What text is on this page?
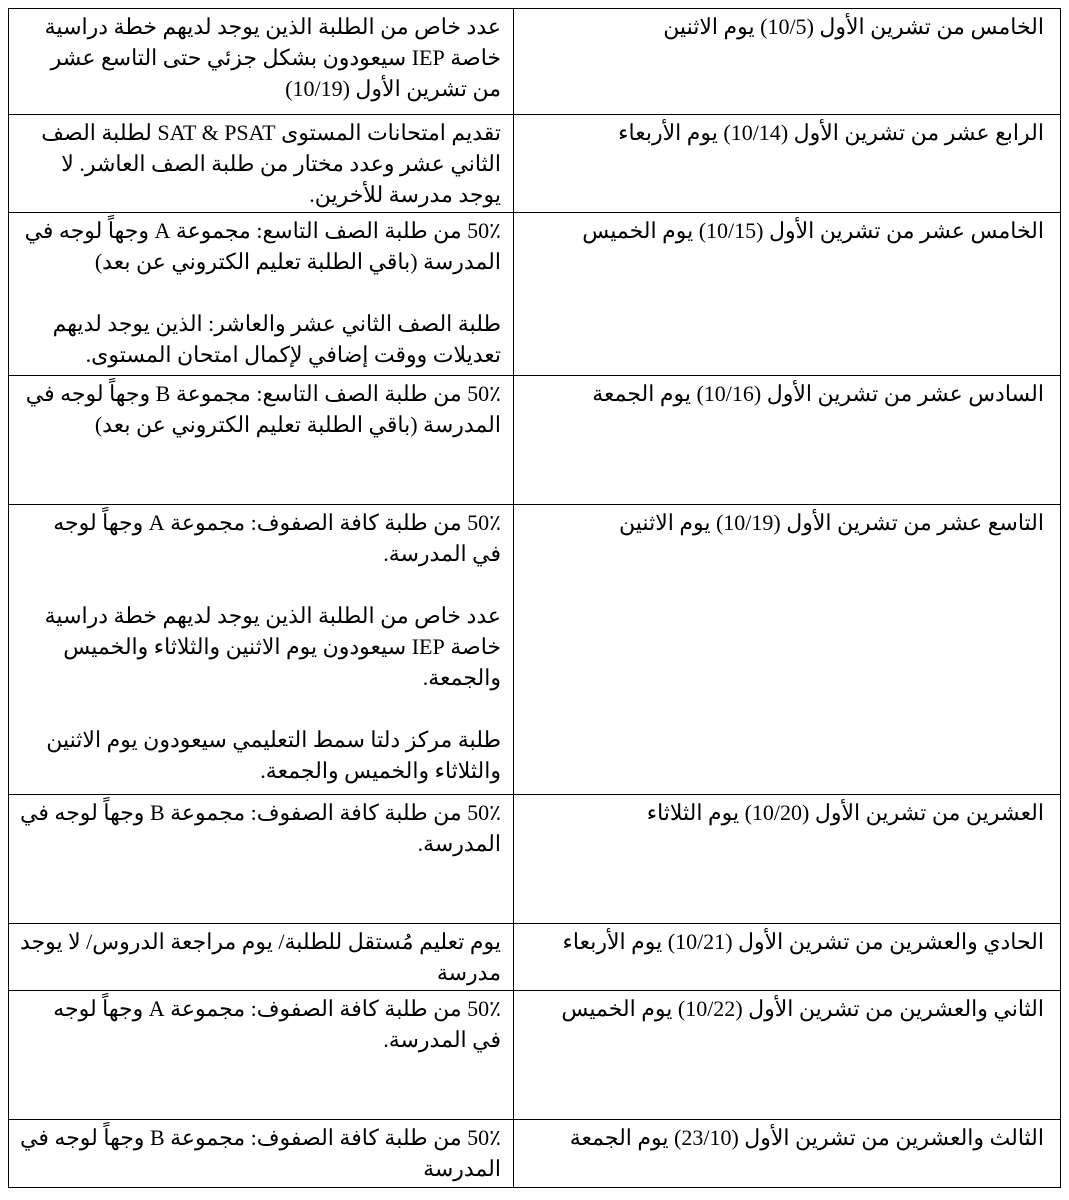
الخامس من تشرين الأول (10/5) يوم الاثنين	عدد خاص من الطلبة الذين يوجد لديهم خطة دراسية خاصة IEP سيعودون بشكل جزئي حتى التاسع عشر من تشرين الأول (10/19)

الرابع عشر من تشرين الأول (10/14) يوم الأربعاء	تقديم امتحانات المستوى SAT & PSAT لطلبة الصف الثاني عشر وعدد مختار من طلبة الصف العاشر. لا يوجد مدرسة للأخرين.

الخامس عشر من تشرين الأول (10/15) يوم الخميس	50٪ من طلبة الصف التاسع: مجموعة A وجهاً لوجه في المدرسة (باقي الطلبة تعليم الكتروني عن بعد)
طلبة الصف الثاني عشر والعاشر: الذين يوجد لديهم تعديلات ووقت إضافي لإكمال امتحان المستوى.

السادس عشر من تشرين الأول (10/16) يوم الجمعة	50٪ من طلبة الصف التاسع: مجموعة B وجهاً لوجه في المدرسة (باقي الطلبة تعليم الكتروني عن بعد)

التاسع عشر من تشرين الأول (10/19) يوم الاثنين	50٪ من طلبة كافة الصفوف: مجموعة A وجهاً لوجه في المدرسة.
عدد خاص من الطلبة الذين يوجد لديهم خطة دراسية خاصة IEP سيعودون يوم الاثنين والثلاثاء والخميس والجمعة.
طلبة مركز دلتا سمط التعليمي سيعودون يوم الاثنين والثلاثاء والخميس والجمعة.

العشرين من تشرين الأول (10/20) يوم الثلاثاء	50٪ من طلبة كافة الصفوف: مجموعة B وجهاً لوجه في المدرسة.

الحادي والعشرين من تشرين الأول (10/21) يوم الأربعاء	يوم تعليم مُستقل للطلبة/ يوم مراجعة الدروس/ لا يوجد مدرسة

الثاني والعشرين من تشرين الأول (10/22) يوم الخميس	50٪ من طلبة كافة الصفوف: مجموعة A وجهاً لوجه في المدرسة.

الثالث والعشرين من تشرين الأول (23/10) يوم الجمعة	50٪ من طلبة كافة الصفوف: مجموعة B وجهاً لوجه في المدرسة
